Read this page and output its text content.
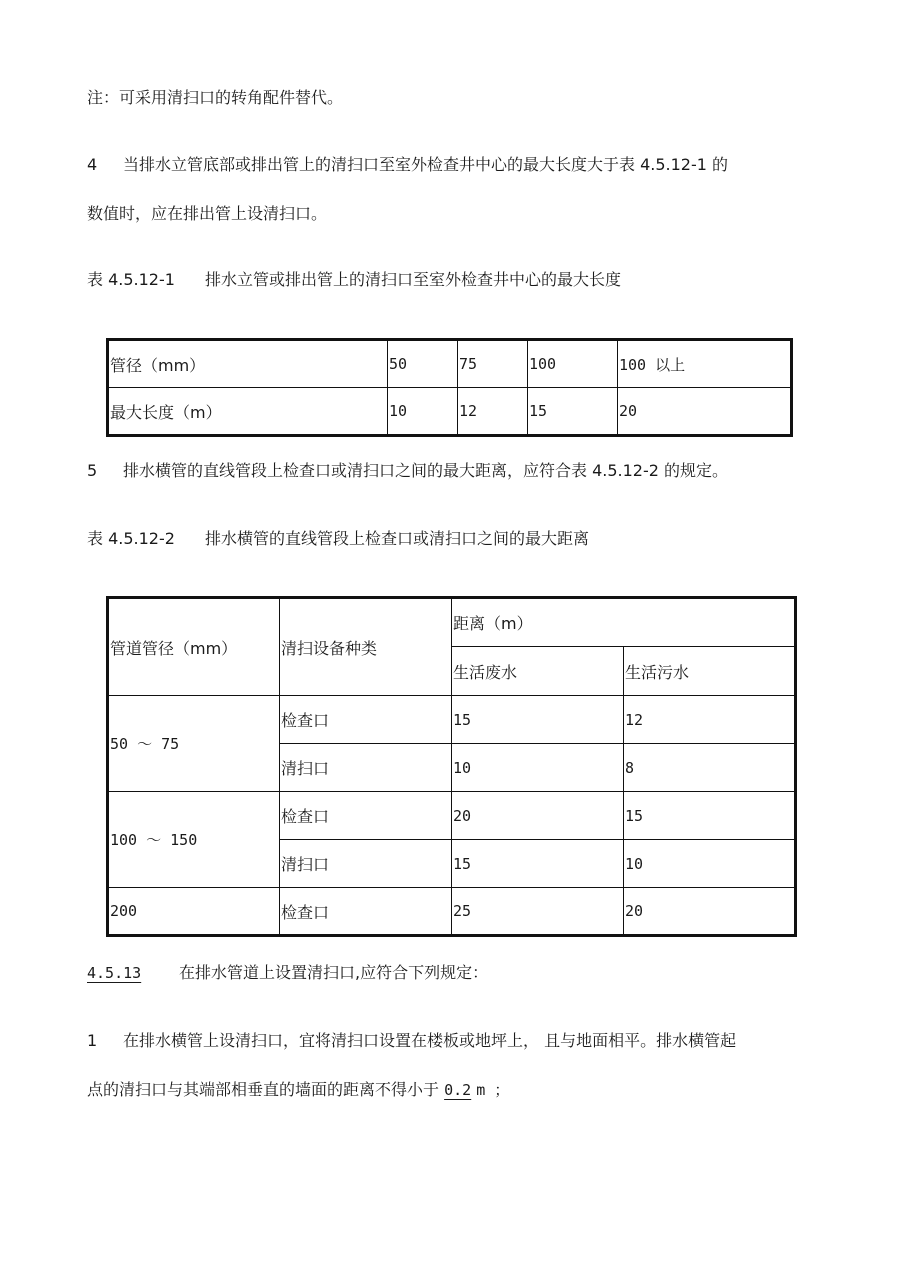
注：可采用清扫口的转角配件替代。
4 当排水立管底部或排出管上的清扫口至室外检查井中心的最大长度大于表 4.5.12-1 的
数值时，应在排出管上设清扫口。
表 4.5.12-1 排水立管或排出管上的清扫口至室外检查井中心的最大长度
管径（mm）	50	75	100	100 以上
最大长度（m）	10	12	15	20
5 排水横管的直线管段上检查口或清扫口之间的最大距离，应符合表 4.5.12-2 的规定。
表 4.5.12-2 排水横管的直线管段上检查口或清扫口之间的最大距离
管道管径（mm）	清扫设备种类	距离（m）	
		生活废水	生活污水
50 ～ 75	检查口	15	12
	清扫口	10	8
100 ～ 150	检查口	20	15
	清扫口	15	10
200	检查口	25	20
4.5.13 在排水管道上设置清扫口,应符合下列规定：
1 在排水横管上设清扫口，宜将清扫口设置在楼板或地坪上， 且与地面相平。排水横管起
点的清扫口与其端部相垂直的墙面的距离不得小于 0.2 m ；
